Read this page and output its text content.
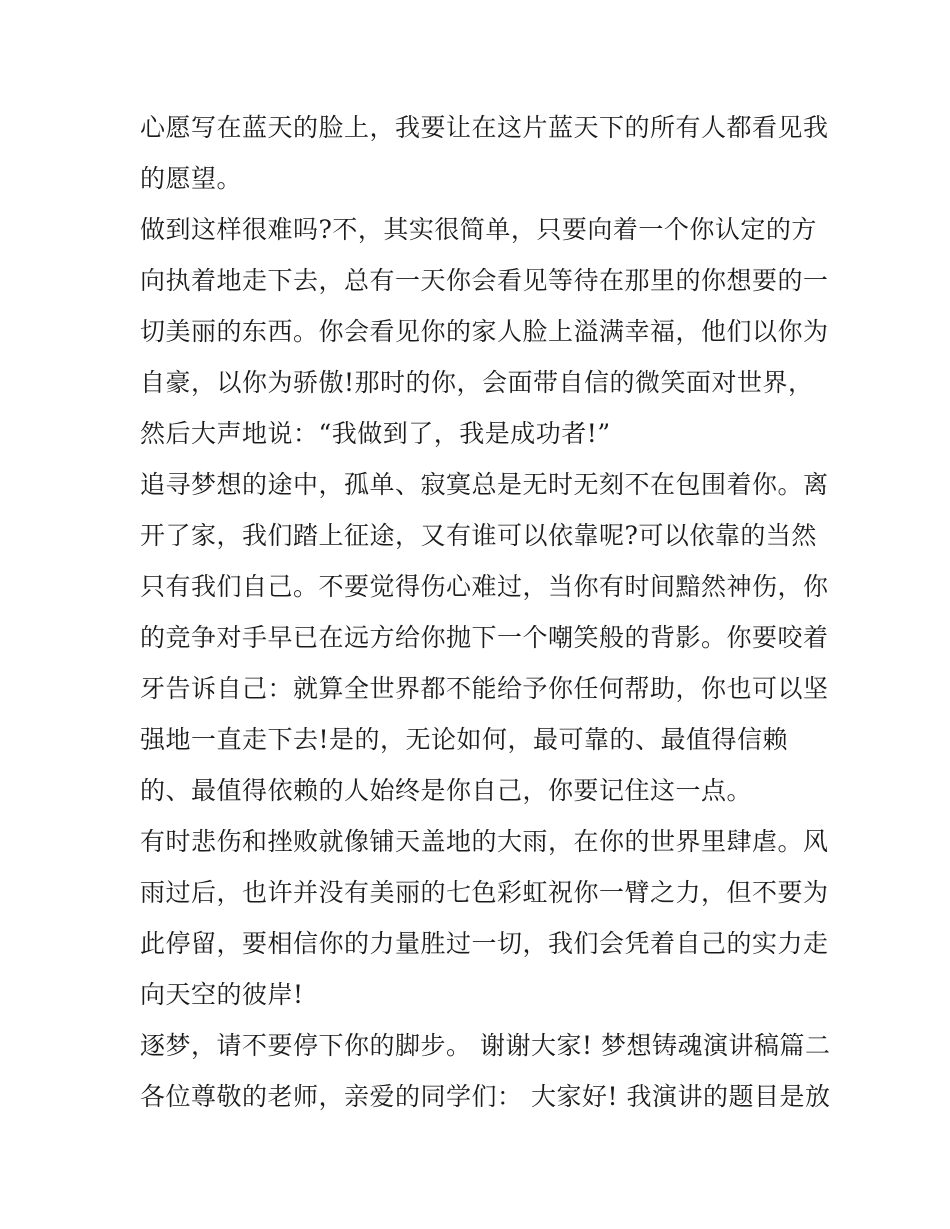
心愿写在蓝天的脸上，我要让在这片蓝天下的所有人都看见我
的愿望。
做到这样很难吗?不，其实很简单，只要向着一个你认定的方
向执着地走下去，总有一天你会看见等待在那里的你想要的一
切美丽的东西。你会看见你的家人脸上溢满幸福，他们以你为
自豪，以你为骄傲!那时的你，会面带自信的微笑面对世界，
然后大声地说：“我做到了，我是成功者!”
追寻梦想的途中，孤单、寂寞总是无时无刻不在包围着你。离
开了家，我们踏上征途，又有谁可以依靠呢?可以依靠的当然
只有我们自己。不要觉得伤心难过，当你有时间黯然神伤，你
的竞争对手早已在远方给你抛下一个嘲笑般的背影。你要咬着
牙告诉自己：就算全世界都不能给予你任何帮助，你也可以坚
强地一直走下去!是的，无论如何，最可靠的、最值得信赖
的、最值得依赖的人始终是你自己，你要记住这一点。
有时悲伤和挫败就像铺天盖地的大雨，在你的世界里肆虐。风
雨过后，也许并没有美丽的七色彩虹祝你一臂之力，但不要为
此停留，要相信你的力量胜过一切，我们会凭着自己的实力走
向天空的彼岸!
逐梦，请不要停下你的脚步。 谢谢大家! 梦想铸魂演讲稿篇二
各位尊敬的老师，亲爱的同学们： 大家好! 我演讲的题目是放
